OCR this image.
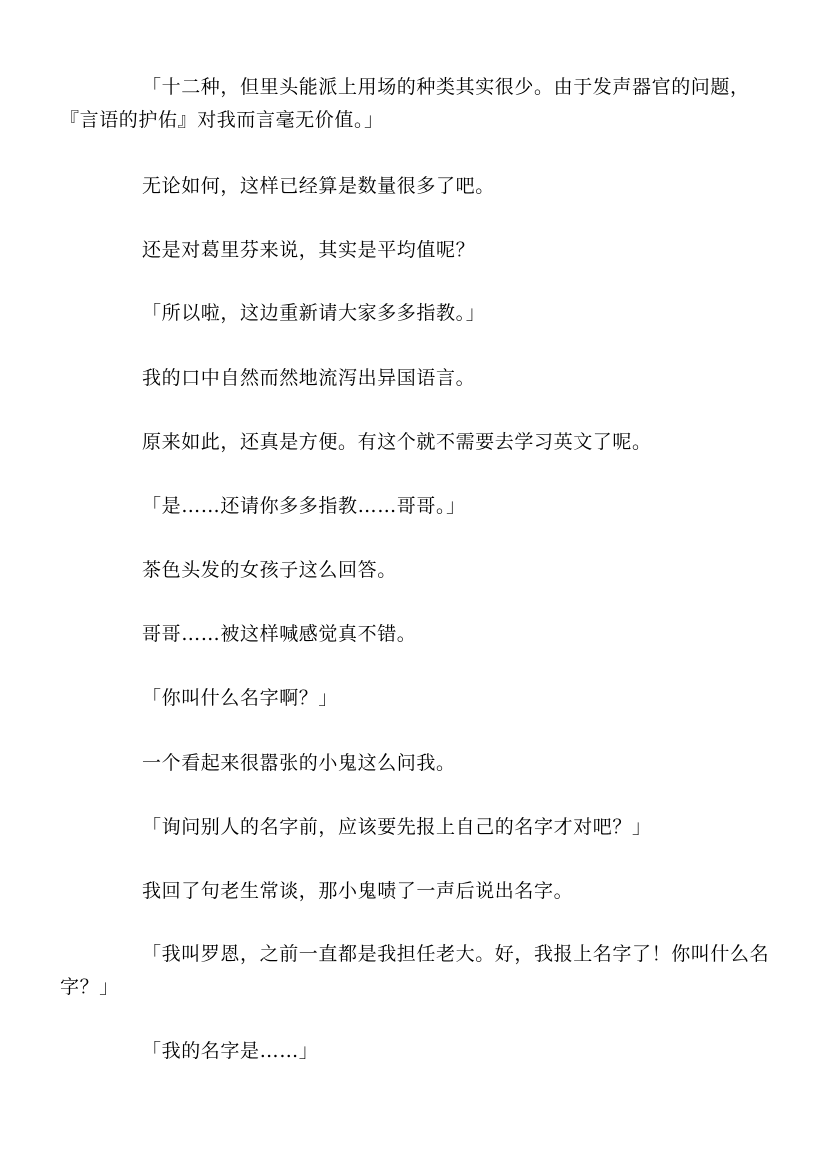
「十二种，但里头能派上用场的种类其实很少。由于发声器官的问题，『言语的护佑』对我而言毫无价值。」

无论如何，这样已经算是数量很多了吧。

还是对葛里芬来说，其实是平均值呢？

「所以啦，这边重新请大家多多指教。」

我的口中自然而然地流泻出异国语言。

原来如此，还真是方便。有这个就不需要去学习英文了呢。

「是……还请你多多指教……哥哥。」

茶色头发的女孩子这么回答。

哥哥……被这样喊感觉真不错。

「你叫什么名字啊？」

一个看起来很嚣张的小鬼这么问我。

「询问别人的名字前，应该要先报上自己的名字才对吧？」

我回了句老生常谈，那小鬼啧了一声后说出名字。

「我叫罗恩，之前一直都是我担任老大。好，我报上名字了！你叫什么名字？」

「我的名字是……」
